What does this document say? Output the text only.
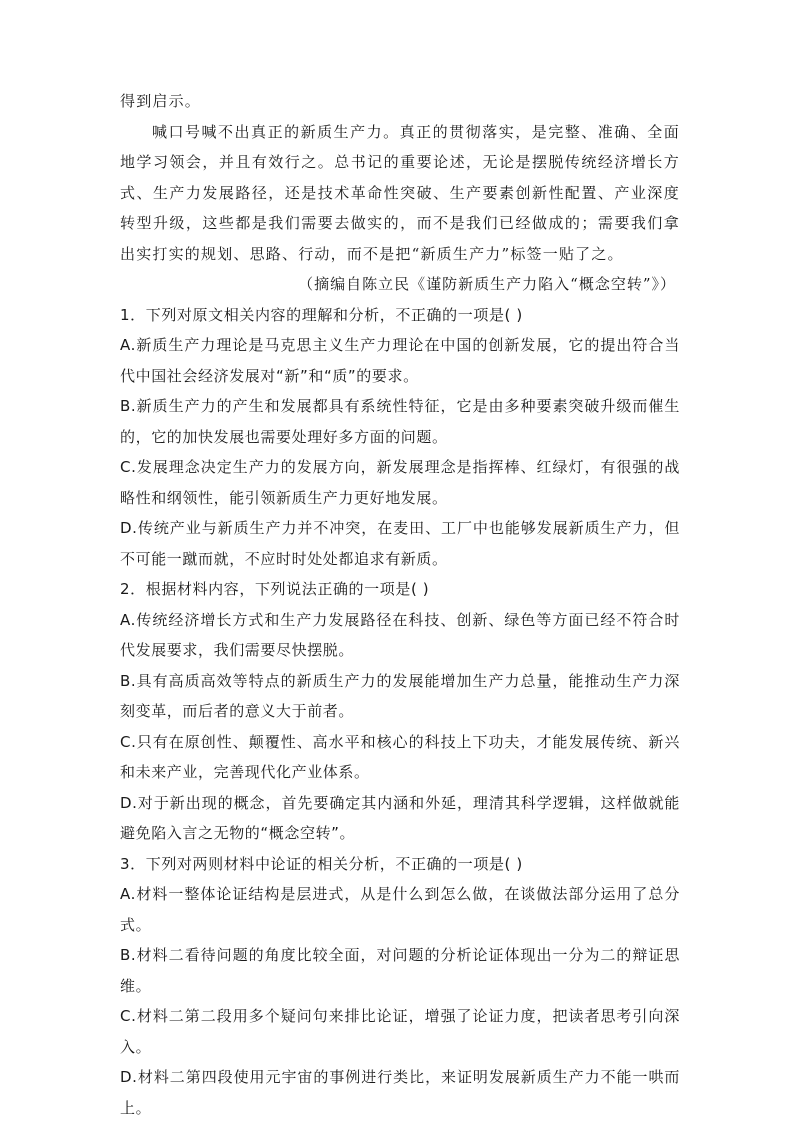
得到启示。

喊口号喊不出真正的新质生产力。真正的贯彻落实，是完整、准确、全面地学习领会，并且有效行之。总书记的重要论述，无论是摆脱传统经济增长方式、生产力发展路径，还是技术革命性突破、生产要素创新性配置、产业深度转型升级，这些都是我们需要去做实的，而不是我们已经做成的；需要我们拿出实打实的规划、思路、行动，而不是把“新质生产力”标签一贴了之。

（摘编自陈立民《谨防新质生产力陷入“概念空转”》）

1．下列对原文相关内容的理解和分析，不正确的一项是( )

A.新质生产力理论是马克思主义生产力理论在中国的创新发展，它的提出符合当代中国社会经济发展对“新”和“质”的要求。

B.新质生产力的产生和发展都具有系统性特征，它是由多种要素突破升级而催生的，它的加快发展也需要处理好多方面的问题。

C.发展理念决定生产力的发展方向，新发展理念是指挥棒、红绿灯，有很强的战略性和纲领性，能引领新质生产力更好地发展。

D.传统产业与新质生产力并不冲突，在麦田、工厂中也能够发展新质生产力，但不可能一蹴而就，不应时时处处都追求有新质。

2．根据材料内容，下列说法正确的一项是( )

A.传统经济增长方式和生产力发展路径在科技、创新、绿色等方面已经不符合时代发展要求，我们需要尽快摆脱。

B.具有高质高效等特点的新质生产力的发展能增加生产力总量，能推动生产力深刻变革，而后者的意义大于前者。

C.只有在原创性、颠覆性、高水平和核心的科技上下功夫，才能发展传统、新兴和未来产业，完善现代化产业体系。

D.对于新出现的概念，首先要确定其内涵和外延，理清其科学逻辑，这样做就能避免陷入言之无物的“概念空转”。

3．下列对两则材料中论证的相关分析，不正确的一项是( )

A.材料一整体论证结构是层进式，从是什么到怎么做，在谈做法部分运用了总分式。

B.材料二看待问题的角度比较全面，对问题的分析论证体现出一分为二的辩证思维。

C.材料二第二段用多个疑问句来排比论证，增强了论证力度，把读者思考引向深入。

D.材料二第四段使用元宇宙的事例进行类比，来证明发展新质生产力不能一哄而上。
